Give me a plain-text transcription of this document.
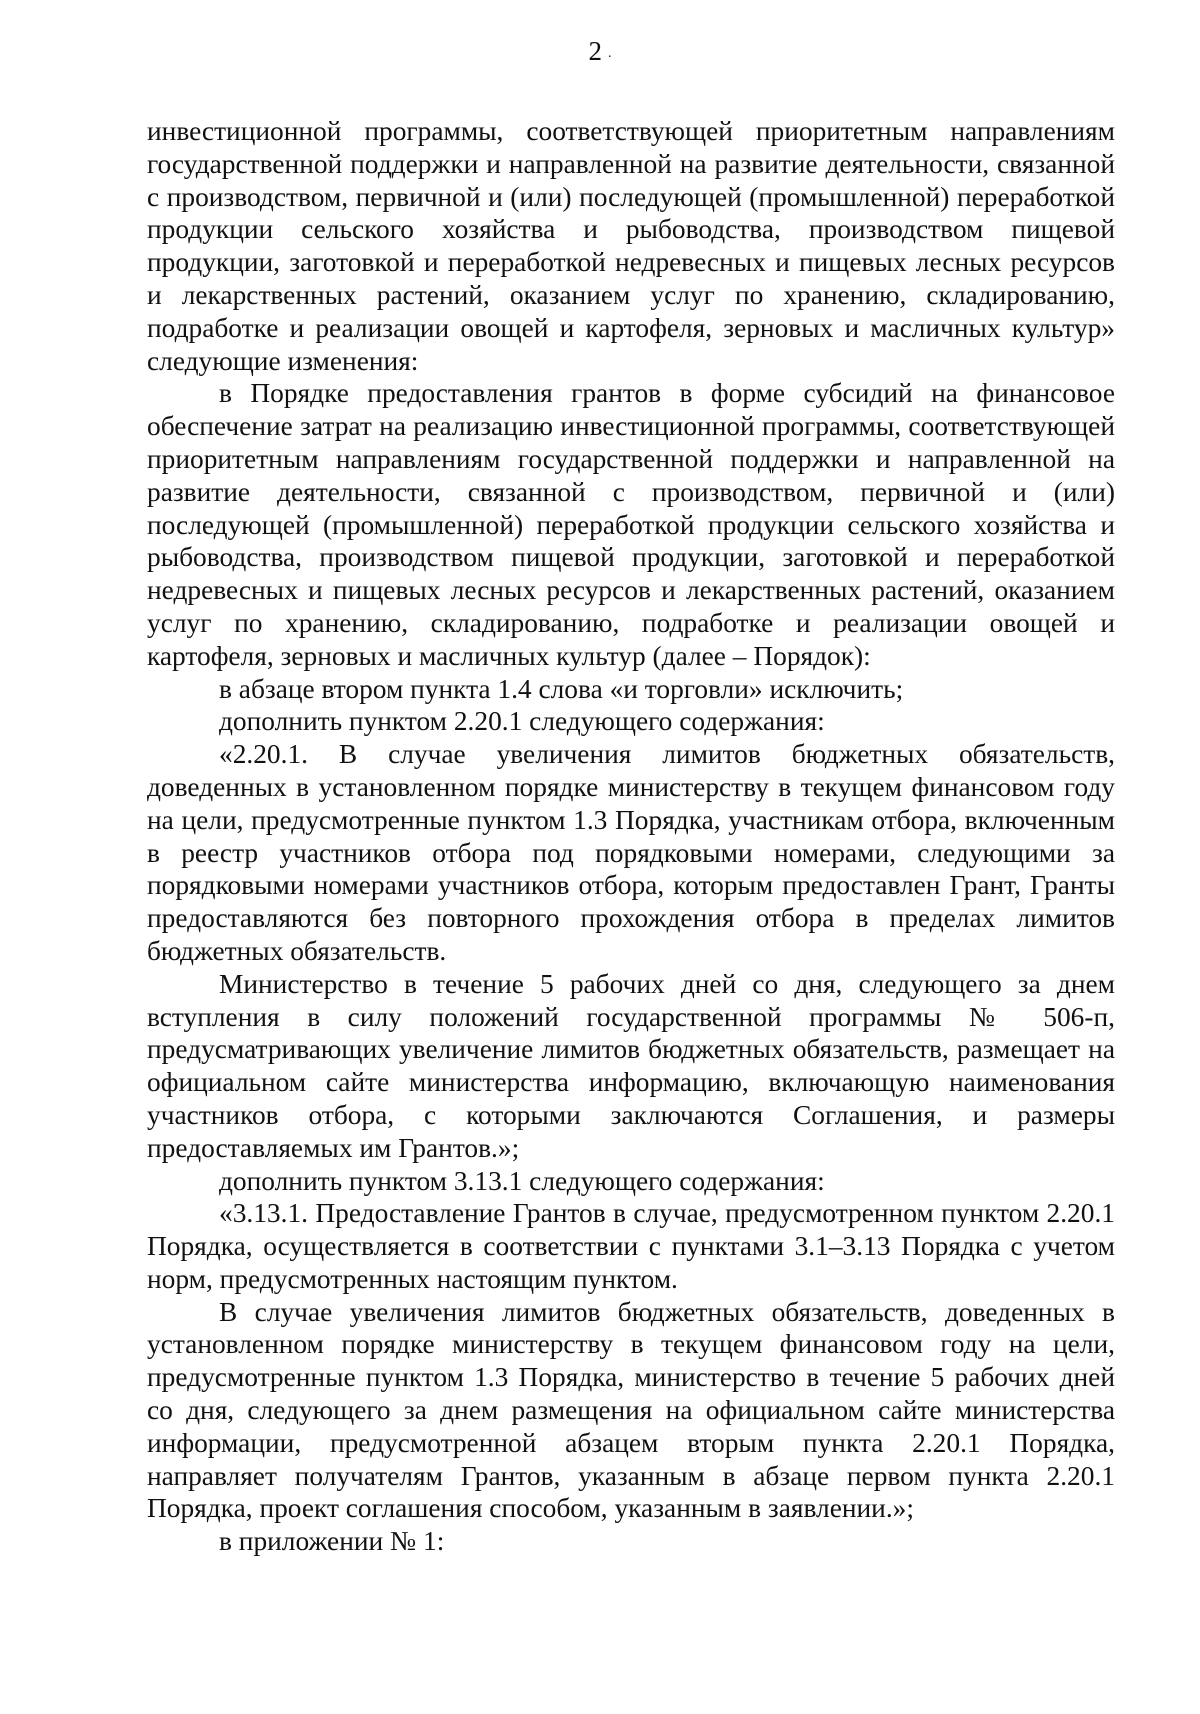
2 .

инвестиционной программы, соответствующей приоритетным направлениям государственной поддержки и направленной на развитие деятельности, связанной с производством, первичной и (или) последующей (промышленной) переработкой продукции сельского хозяйства и рыбоводства, производством пищевой продукции, заготовкой и переработкой недревесных и пищевых лесных ресурсов и лекарственных растений, оказанием услуг по хранению, складированию, подработке и реализации овощей и картофеля, зерновых и масличных культур» следующие изменения:

в Порядке предоставления грантов в форме субсидий на финансовое обеспечение затрат на реализацию инвестиционной программы, соответствующей приоритетным направлениям государственной поддержки и направленной на развитие деятельности, связанной с производством, первичной и (или) последующей (промышленной) переработкой продукции сельского хозяйства и рыбоводства, производством пищевой продукции, заготовкой и переработкой недревесных и пищевых лесных ресурсов и лекарственных растений, оказанием услуг по хранению, складированию, подработке и реализации овощей и картофеля, зерновых и масличных культур (далее – Порядок):

в абзаце втором пункта 1.4 слова «и торговли» исключить;

дополнить пунктом 2.20.1 следующего содержания:

«2.20.1. В случае увеличения лимитов бюджетных обязательств, доведенных в установленном порядке министерству в текущем финансовом году на цели, предусмотренные пунктом 1.3 Порядка, участникам отбора, включенным в реестр участников отбора под порядковыми номерами, следующими за порядковыми номерами участников отбора, которым предоставлен Грант, Гранты предоставляются без повторного прохождения отбора в пределах лимитов бюджетных обязательств.

Министерство в течение 5 рабочих дней со дня, следующего за днем вступления в силу положений государственной программы № 506-п, предусматривающих увеличение лимитов бюджетных обязательств, размещает на официальном сайте министерства информацию, включающую наименования участников отбора, с которыми заключаются Соглашения, и размеры предоставляемых им Грантов.»;

дополнить пунктом 3.13.1 следующего содержания:

«3.13.1. Предоставление Грантов в случае, предусмотренном пунктом 2.20.1 Порядка, осуществляется в соответствии с пунктами 3.1–3.13 Порядка с учетом норм, предусмотренных настоящим пунктом.

В случае увеличения лимитов бюджетных обязательств, доведенных в установленном порядке министерству в текущем финансовом году на цели, предусмотренные пунктом 1.3 Порядка, министерство в течение 5 рабочих дней со дня, следующего за днем размещения на официальном сайте министерства информации, предусмотренной абзацем вторым пункта 2.20.1 Порядка, направляет получателям Грантов, указанным в абзаце первом пункта 2.20.1 Порядка, проект соглашения способом, указанным в заявлении.»;

в приложении № 1:
